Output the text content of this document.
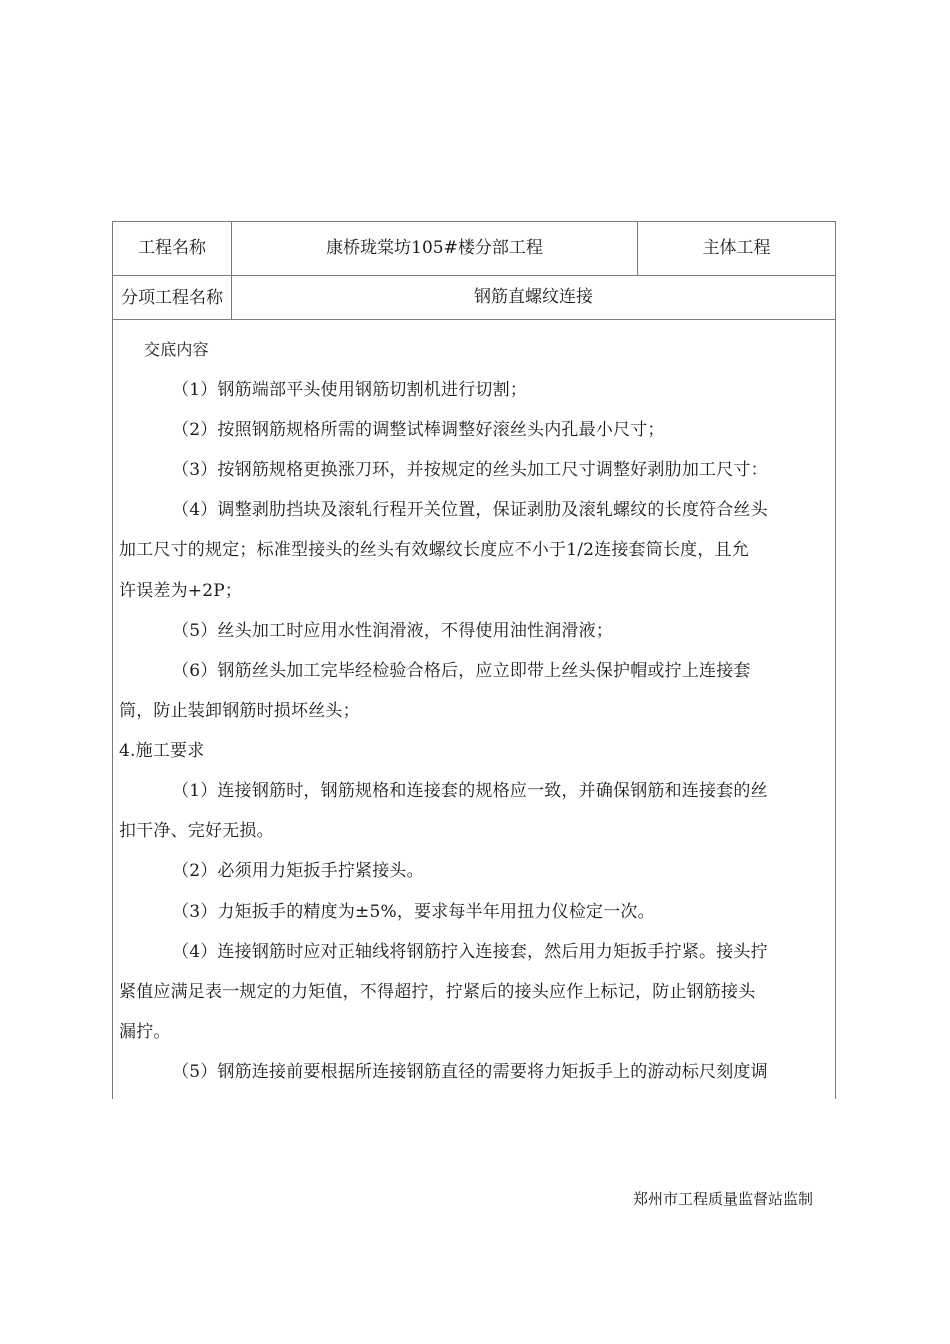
工程名称	康桥珑棠坊105#楼分部工程	主体工程
分项工程名称	钢筋直螺纹连接
交底内容
（1）钢筋端部平头使用钢筋切割机进行切割；
（2）按照钢筋规格所需的调整试棒调整好滚丝头内孔最小尺寸；
（3）按钢筋规格更换涨刀环，并按规定的丝头加工尺寸调整好剥肋加工尺寸：
（4）调整剥肋挡块及滚轧行程开关位置，保证剥肋及滚轧螺纹的长度符合丝头
加工尺寸的规定；标准型接头的丝头有效螺纹长度应不小于1/2连接套筒长度，且允
许误差为+2P；
（5）丝头加工时应用水性润滑液，不得使用油性润滑液；
（6）钢筋丝头加工完毕经检验合格后，应立即带上丝头保护帽或拧上连接套
筒，防止装卸钢筋时损坏丝头；
4.施工要求
（1）连接钢筋时，钢筋规格和连接套的规格应一致，并确保钢筋和连接套的丝
扣干净、完好无损。
（2）必须用力矩扳手拧紧接头。
（3）力矩扳手的精度为±5%，要求每半年用扭力仪检定一次。
（4）连接钢筋时应对正轴线将钢筋拧入连接套，然后用力矩扳手拧紧。接头拧
紧值应满足表一规定的力矩值，不得超拧，拧紧后的接头应作上标记，防止钢筋接头
漏拧。
（5）钢筋连接前要根据所连接钢筋直径的需要将力矩扳手上的游动标尺刻度调
郑州市工程质量监督站监制
